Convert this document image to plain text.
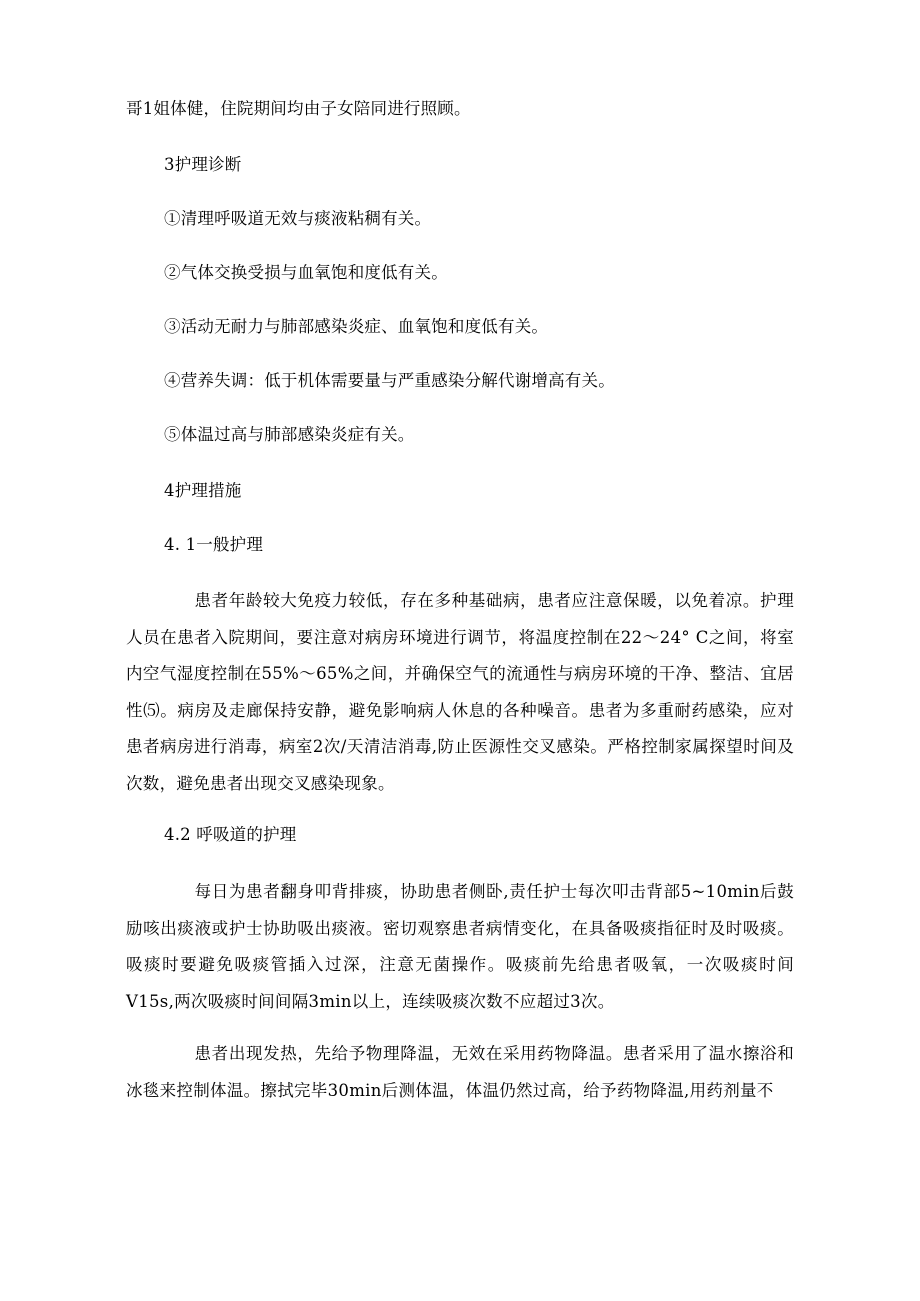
哥1姐体健，住院期间均由子女陪同进行照顾。
3护理诊断
①清理呼吸道无效与痰液粘稠有关。
②气体交换受损与血氧饱和度低有关。
③活动无耐力与肺部感染炎症、血氧饱和度低有关。
④营养失调：低于机体需要量与严重感染分解代谢增高有关。
⑤体温过高与肺部感染炎症有关。
4护理措施
4. 1一般护理
　　　　患者年龄较大免疫力较低，存在多种基础病，患者应注意保暖，以免着凉。护理人员在患者入院期间，要注意对病房环境进行调节，将温度控制在22～24° C之间，将室内空气湿度控制在55%～65%之间，并确保空气的流通性与病房环境的干净、整洁、宜居性⑸。病房及走廊保持安静，避免影响病人休息的各种噪音。患者为多重耐药感染，应对患者病房进行消毒，病室2次/天清洁消毒,防止医源性交叉感染。严格控制家属探望时间及次数，避免患者出现交叉感染现象。
4.2 呼吸道的护理
　　　　每日为患者翻身叩背排痰，协助患者侧卧,责任护士每次叩击背部5~10min后鼓励咳出痰液或护士协助吸出痰液。密切观察患者病情变化，在具备吸痰指征时及时吸痰。吸痰时要避免吸痰管插入过深，注意无菌操作。吸痰前先给患者吸氧，一次吸痰时间V15s,两次吸痰时间间隔3min以上，连续吸痰次数不应超过3次。
　　　　患者出现发热，先给予物理降温，无效在采用药物降温。患者采用了温水擦浴和冰毯来控制体温。擦拭完毕30min后测体温，体温仍然过高，给予药物降温,用药剂量不
